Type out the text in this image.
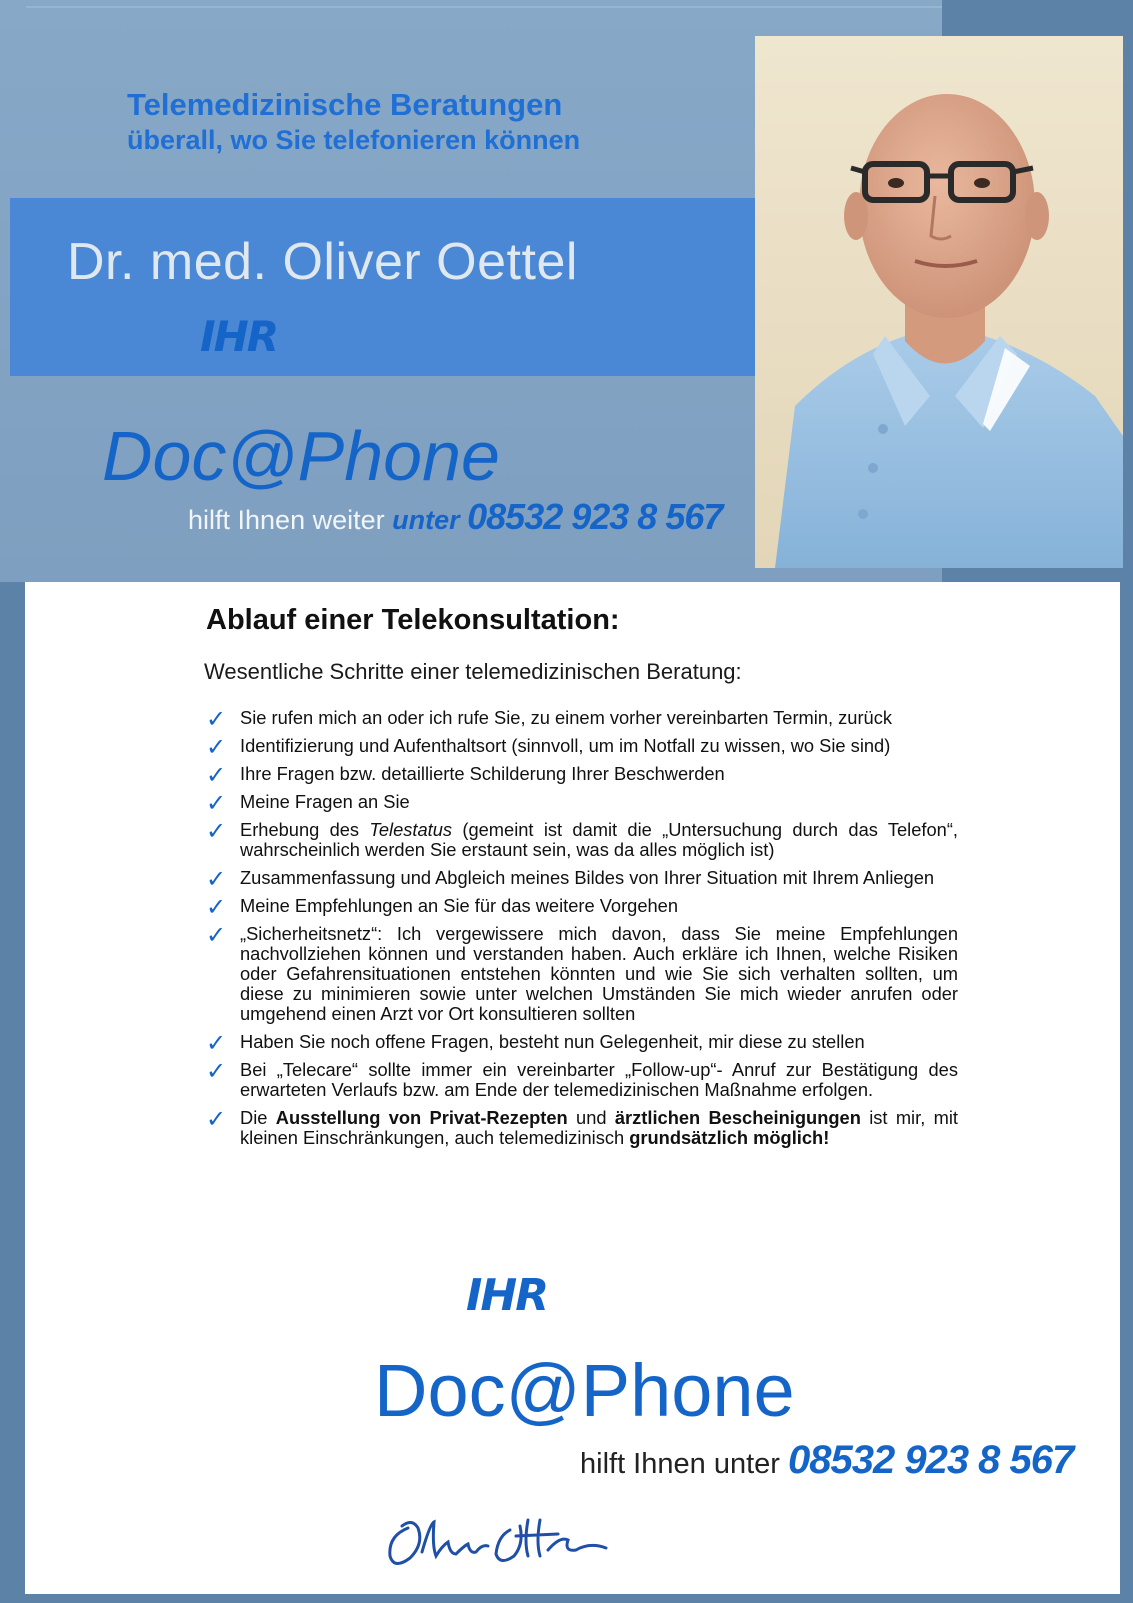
Telemedizinische Beratungen
überall, wo Sie telefonieren können
Dr. med. Oliver Oettel
IHR
Doc@Phone
hilft Ihnen weiter unter 08532 923 8 567
Ablauf einer Telekonsultation:
Wesentliche Schritte einer telemedizinischen Beratung:
✓ Sie rufen mich an oder ich rufe Sie, zu einem vorher vereinbarten Termin, zurück
✓ Identifizierung und Aufenthaltsort (sinnvoll, um im Notfall zu wissen, wo Sie sind)
✓ Ihre Fragen bzw. detaillierte Schilderung Ihrer Beschwerden
✓ Meine Fragen an Sie
✓ Erhebung des Telestatus (gemeint ist damit die „Untersuchung durch das Telefon“, wahrscheinlich werden Sie erstaunt sein, was da alles möglich ist)
✓ Zusammenfassung und Abgleich meines Bildes von Ihrer Situation mit Ihrem Anliegen
✓ Meine Empfehlungen an Sie für das weitere Vorgehen
✓ „Sicherheitsnetz“: Ich vergewissere mich davon, dass Sie meine Empfehlungen nachvollziehen können und verstanden haben. Auch erkläre ich Ihnen, welche Risiken oder Gefahrensituationen entstehen könnten und wie Sie sich verhalten sollten, um diese zu minimieren sowie unter welchen Umständen Sie mich wieder anrufen oder umgehend einen Arzt vor Ort konsultieren sollten
✓ Haben Sie noch offene Fragen, besteht nun Gelegenheit, mir diese zu stellen
✓ Bei „Telecare“ sollte immer ein vereinbarter „Follow-up“- Anruf zur Bestätigung des erwarteten Verlaufs bzw. am Ende der telemedizinischen Maßnahme erfolgen.
✓ Die Ausstellung von Privat-Rezepten und ärztlichen Bescheinigungen ist mir, mit kleinen Einschränkungen, auch telemedizinisch grundsätzlich möglich!
IHR
Doc@Phone
hilft Ihnen unter 08532 923 8 567
